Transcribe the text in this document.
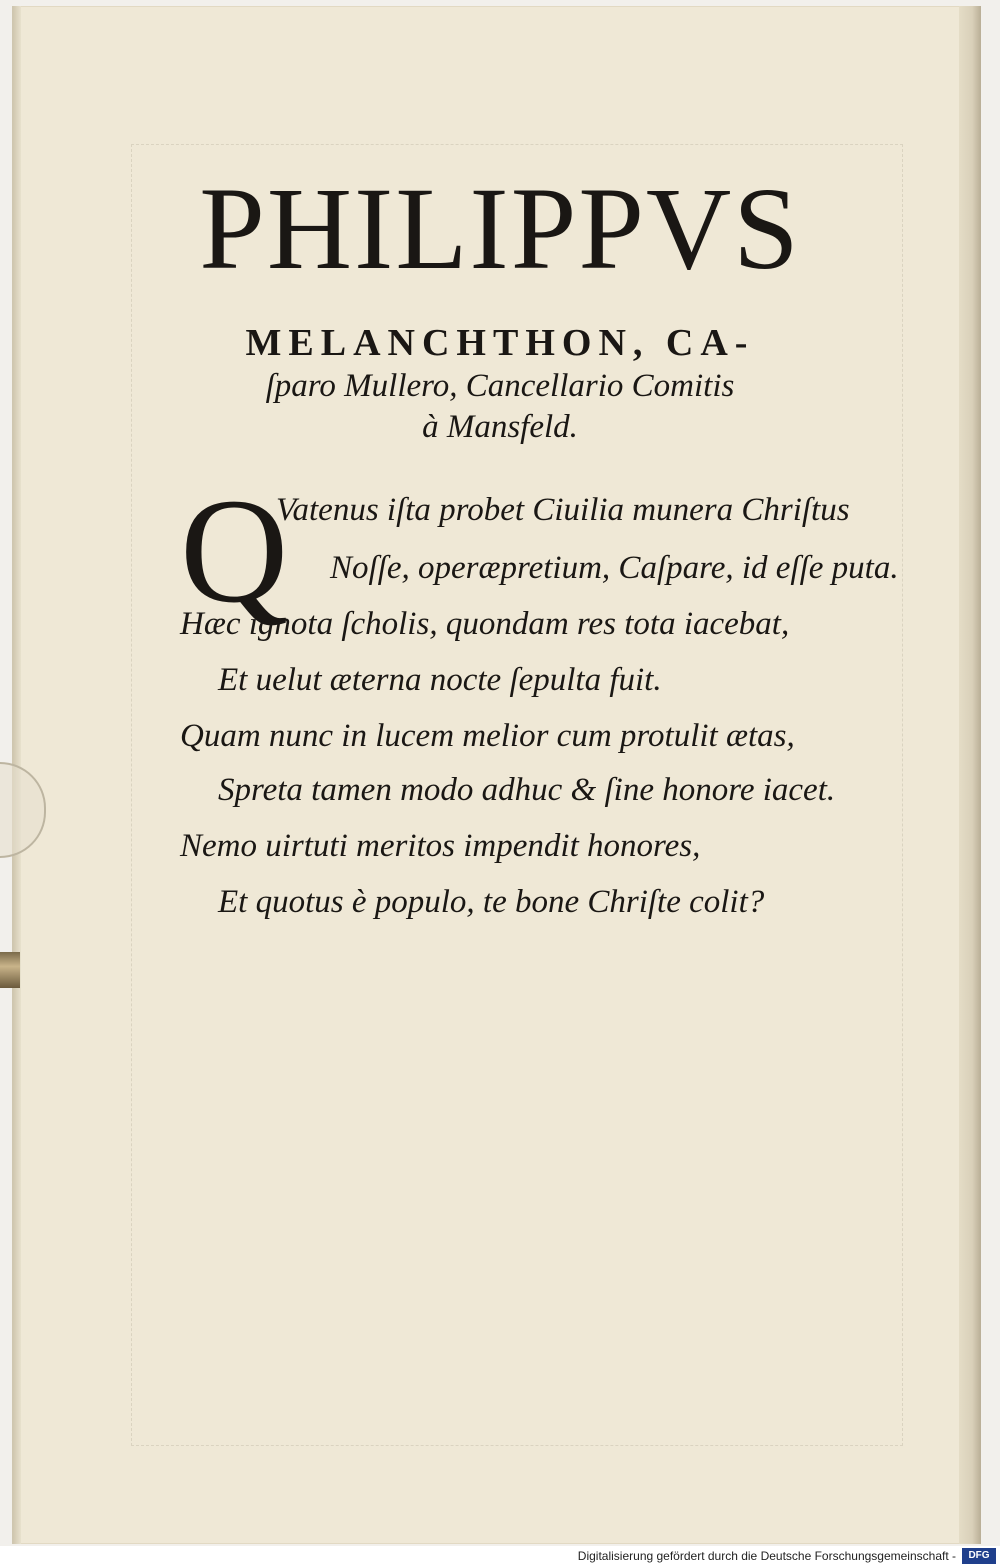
PHILIPPVS
MELANCHTHON, CA-
ſparo Mullero, Cancellario Comitis
à Mansfeld.
Q
Vatenus iſta probet Ciuilia munera Chriſtus
Noſſe, operæpretium, Caſpare, id eſſe puta.
Hæc ignota ſcholis, quondam res tota iacebat,
Et uelut æterna nocte ſepulta fuit.
Quam nunc in lucem melior cum protulit ætas,
Spreta tamen modo adhuc & ſine honore iacet.
Nemo uirtuti meritos impendit honores,
Et quotus è populo, te bone Chriſte colit?
Digitalisierung gefördert durch die Deutsche Forschungsgemeinschaft -	DFG
